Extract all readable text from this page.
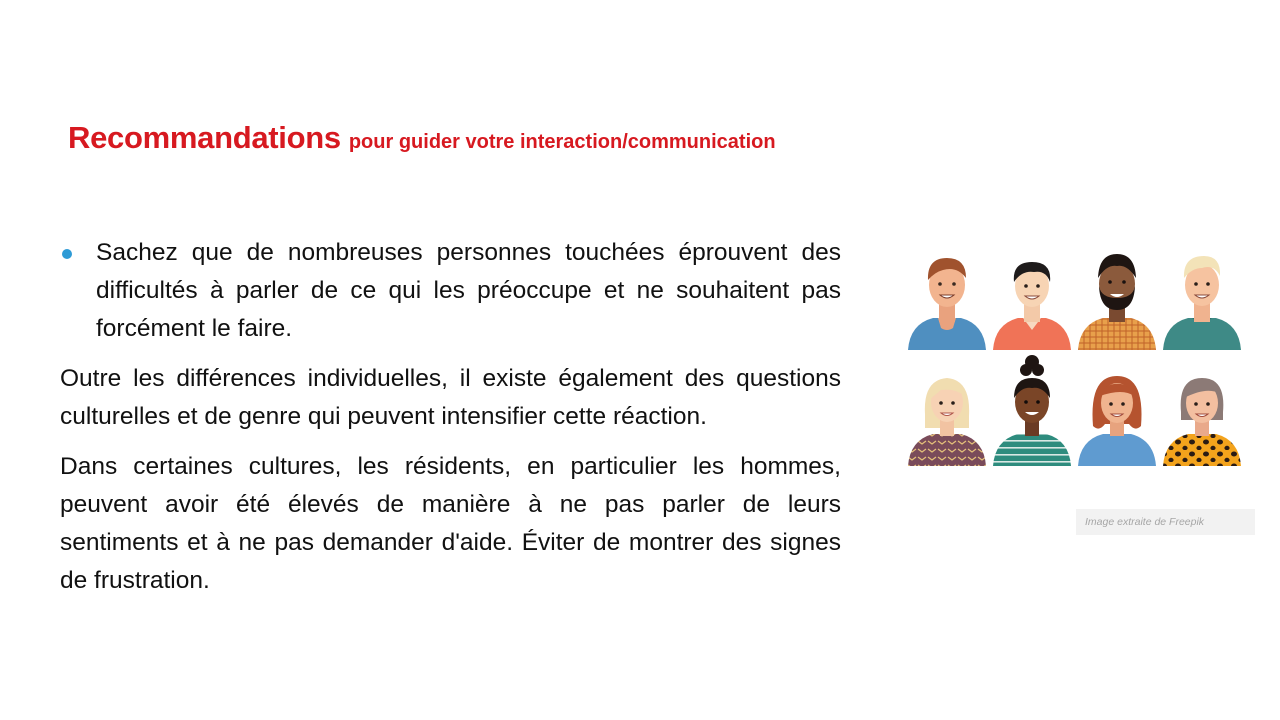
Recommandations pour guider votre interaction/communication

Sachez que de nombreuses personnes touchées éprouvent des difficultés à parler de ce qui les préoccupe et ne souhaitent pas forcément le faire.

Outre les différences individuelles, il existe également des questions culturelles et de genre qui peuvent intensifier cette réaction.

Dans certaines cultures, les résidents, en particulier les hommes, peuvent avoir été élevés de manière à ne pas parler de leurs sentiments et à ne pas demander d'aide. Éviter de montrer des signes de frustration.

Image extraite de Freepik
